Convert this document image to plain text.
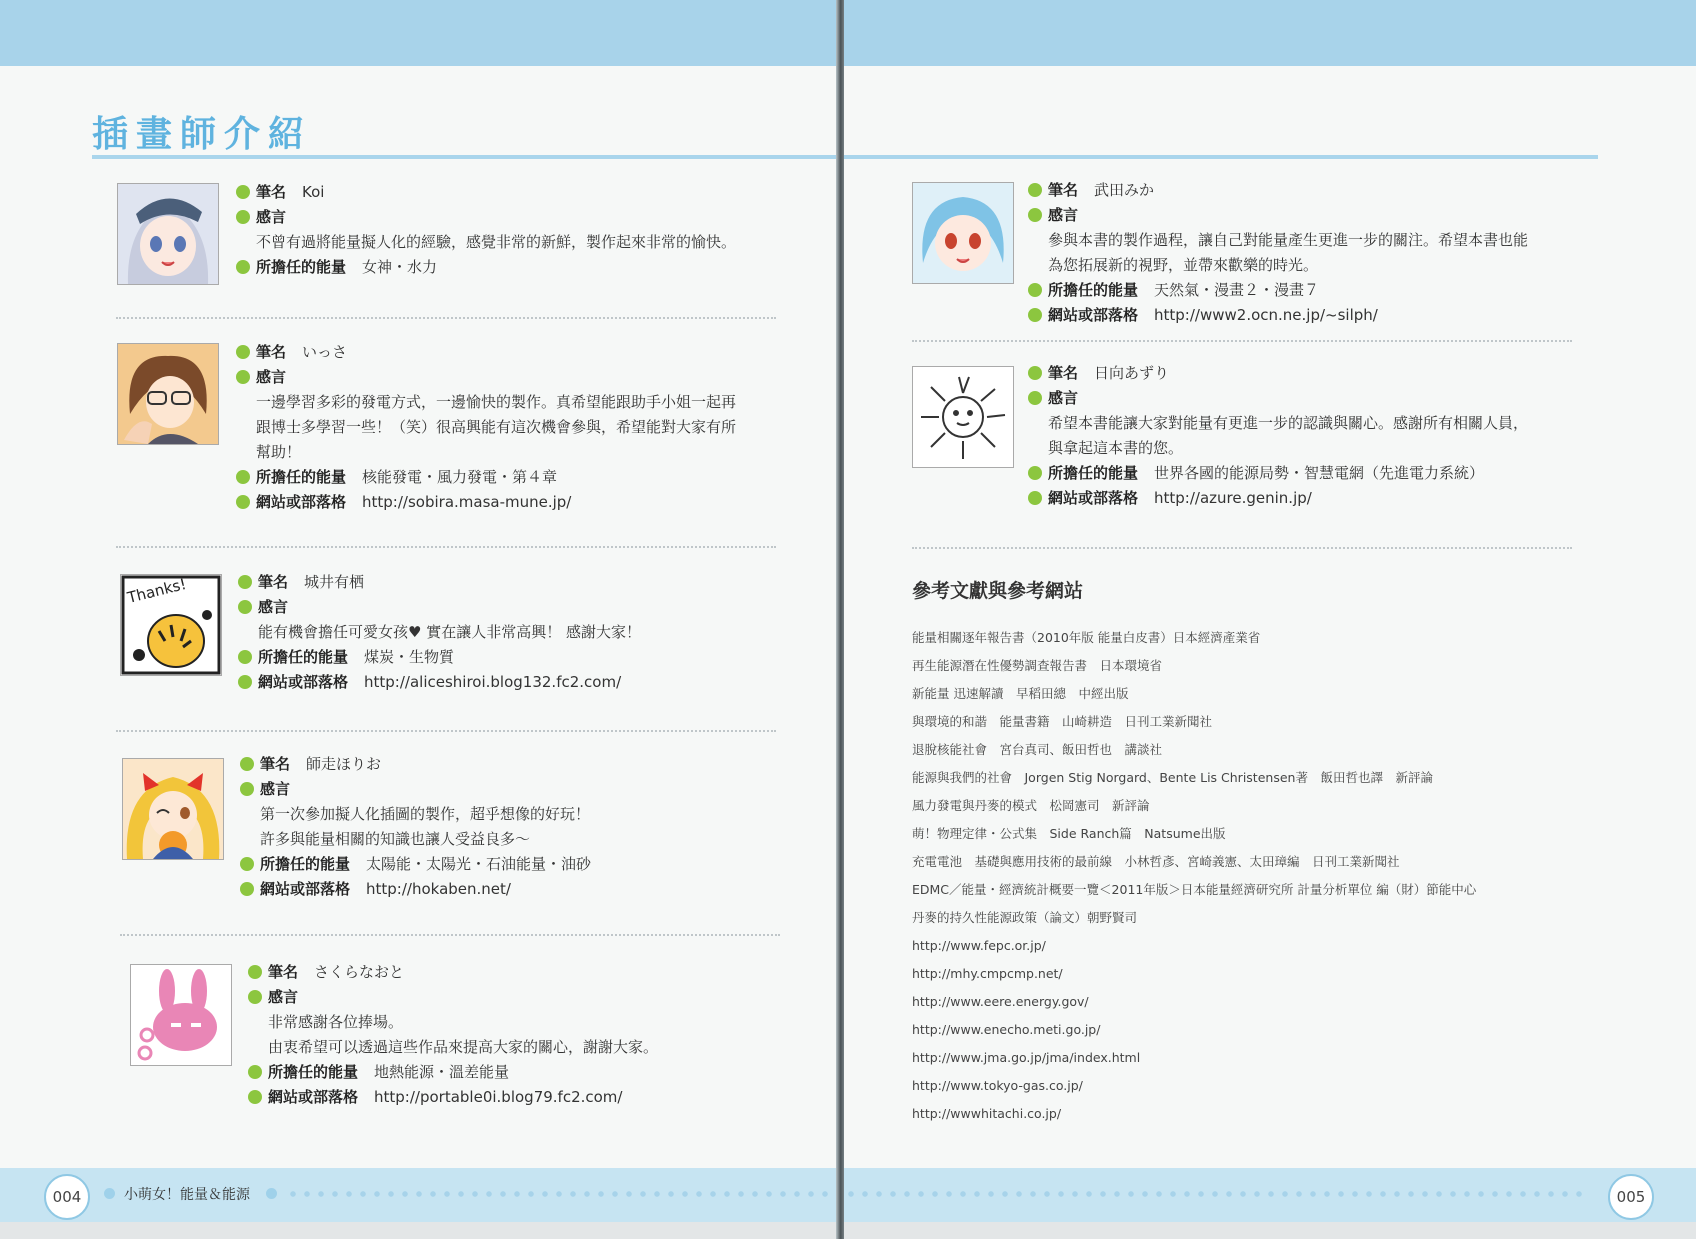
插畫師介紹
筆名 Koi
感言
不曾有過將能量擬人化的經驗，感覺非常的新鮮，製作起來非常的愉快。
所擔任的能量 女神・水力
筆名 いっさ
感言
一邊學習多彩的發電方式，一邊愉快的製作。真希望能跟助手小姐一起再
跟博士多學習一些！（笑）很高興能有這次機會參與，希望能對大家有所
幫助！
所擔任的能量 核能發電・風力發電・第４章
網站或部落格 http://sobira.masa-mune.jp/
Thanks!	筆名 城井有栖
感言
能有機會擔任可愛女孩♥ 實在讓人非常高興！ 感謝大家！
所擔任的能量 煤炭・生物質
網站或部落格 http://aliceshiroi.blog132.fc2.com/
筆名 師走ほりお
感言
第一次參加擬人化插圖的製作，超乎想像的好玩！
許多與能量相關的知識也讓人受益良多～
所擔任的能量 太陽能・太陽光・石油能量・油砂
網站或部落格 http://hokaben.net/
筆名 さくらなおと
感言
非常感謝各位捧場。
由衷希望可以透過這些作品來提高大家的關心，謝謝大家。
所擔任的能量 地熱能源・溫差能量
網站或部落格 http://portable0i.blog79.fc2.com/
004	小萌女！能量＆能源
筆名 武田みか
感言
參與本書的製作過程，讓自己對能量產生更進一步的關注。希望本書也能
為您拓展新的視野，並帶來歡樂的時光。
所擔任的能量 天然氣・漫畫２・漫畫７
網站或部落格 http://www2.ocn.ne.jp/~silph/
筆名 日向あずり
感言
希望本書能讓大家對能量有更進一步的認識與關心。感謝所有相關人員，
與拿起這本書的您。
所擔任的能量 世界各國的能源局勢・智慧電網（先進電力系統）
網站或部落格 http://azure.genin.jp/
005
參考文獻與參考網站
能量相關逐年報告書（2010年版 能量白皮書）日本經濟產業省
再生能源潛在性優勢調查報告書　日本環境省
新能量 迅速解讀　早稻田總　中經出版
與環境的和諧　能量書籍　山崎耕造　日刊工業新聞社
退脫核能社會　宮台真司、飯田哲也　講談社
能源與我們的社會　Jorgen Stig Norgard、Bente Lis Christensen著　飯田哲也譯　新評論
風力發電與丹麥的模式　松岡憲司　新評論
萌！物理定律・公式集　Side Ranch篇　Natsume出版
充電電池　基礎與應用技術的最前線　小林哲彥、宮崎義憲、太田璋編　日刊工業新聞社
EDMC／能量・經濟統計概要一覽＜2011年版＞日本能量經濟研究所 計量分析單位 編（財）節能中心
丹麥的持久性能源政策（論文）朝野賢司
http://www.fepc.or.jp/
http://mhy.cmpcmp.net/
http://www.eere.energy.gov/
http://www.enecho.meti.go.jp/
http://www.jma.go.jp/jma/index.html
http://www.tokyo-gas.co.jp/
http://wwwhitachi.co.jp/
